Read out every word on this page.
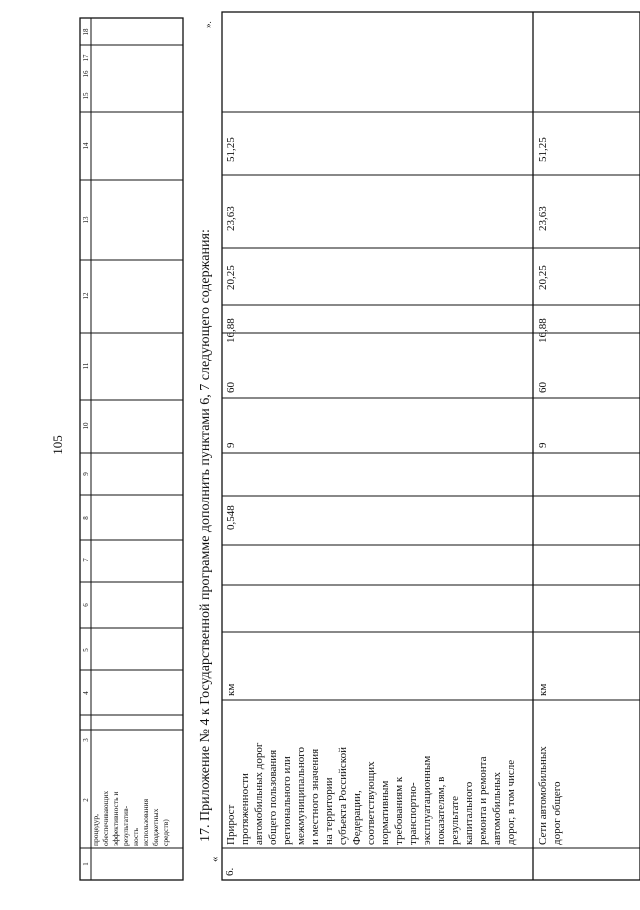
105
1
2
3
4
5
6
7
8
9
10
11
12
13
14
15
16
17
18
процедур, обеспечивающих эффективность и результатив- ность использования бюджетных средств) 17. Приложение № 4 к Государственной программе дополнить пунктами 6, 7 следующего содержания:
».
«
6.
Прирост протяженности автомобильных дорог общего пользования регионального или межмуниципального и местного значения на территории субъекта Российской Федерации, соответствующих нормативным требованиям к транспортно- эксплуатационным показателям, в результате капитального ремонта и ремонта автомобильных дорог, в том числе
км
0,548
9
60
16,88
20,25
23,63
51,25
Сети автомобильных дорог общего
км
9
60
16,88
20,25
23,63
51,25
